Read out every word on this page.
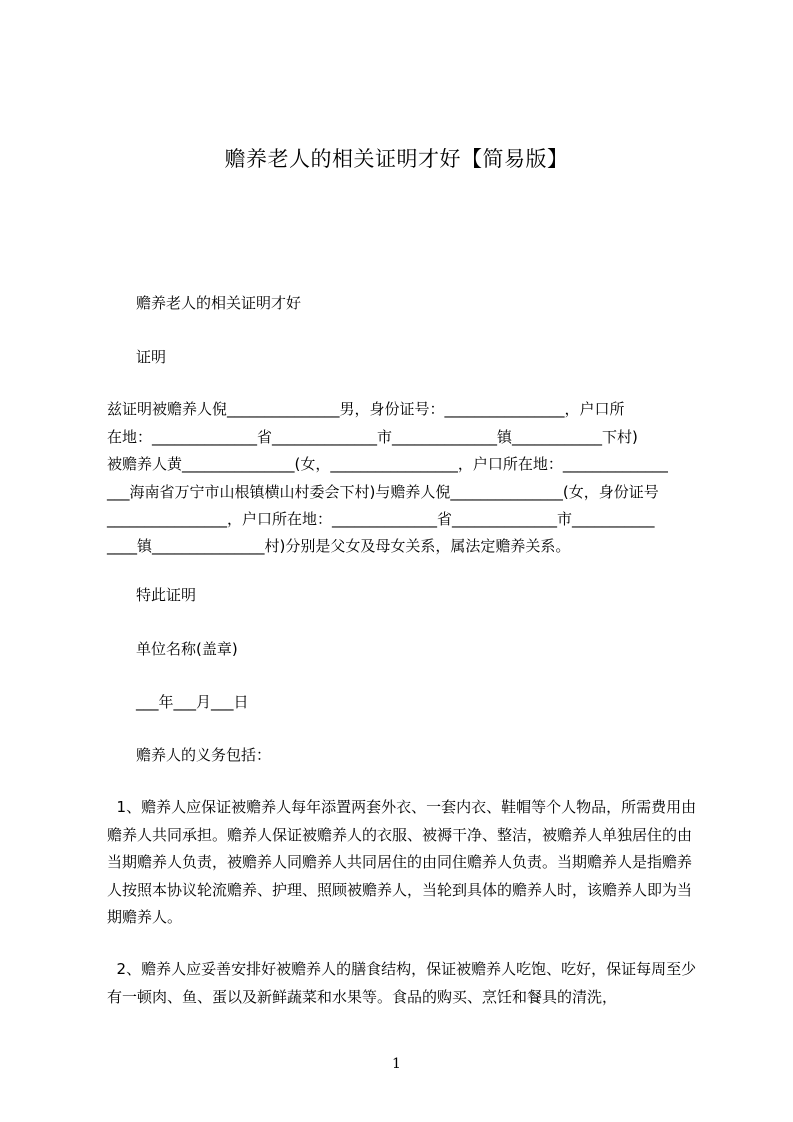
赡养老人的相关证明才好【简易版】
赡养老人的相关证明才好
证明
兹证明被赡养人倪_______________男，身份证号：________________，户口所
在地：______________省______________市______________镇____________下村)
被赡养人黄_______________(女，_________________，户口所在地：______________
___海南省万宁市山根镇横山村委会下村)与赡养人倪_______________(女，身份证号
________________，户口所在地：______________省______________市___________
____镇_______________村)分别是父女及母女关系，属法定赡养关系。
特此证明
单位名称(盖章)
___年___月___日
赡养人的义务包括：
1、赡养人应保证被赡养人每年添置两套外衣、一套内衣、鞋帽等个人物品，所需费用由赡养人共同承担。赡养人保证被赡养人的衣服、被褥干净、整洁，被赡养人单独居住的由当期赡养人负责，被赡养人同赡养人共同居住的由同住赡养人负责。当期赡养人是指赡养人按照本协议轮流赡养、护理、照顾被赡养人，当轮到具体的赡养人时，该赡养人即为当期赡养人。
2、赡养人应妥善安排好被赡养人的膳食结构，保证被赡养人吃饱、吃好，保证每周至少有一顿肉、鱼、蛋以及新鲜蔬菜和水果等。食品的购买、烹饪和餐具的清洗，
1
